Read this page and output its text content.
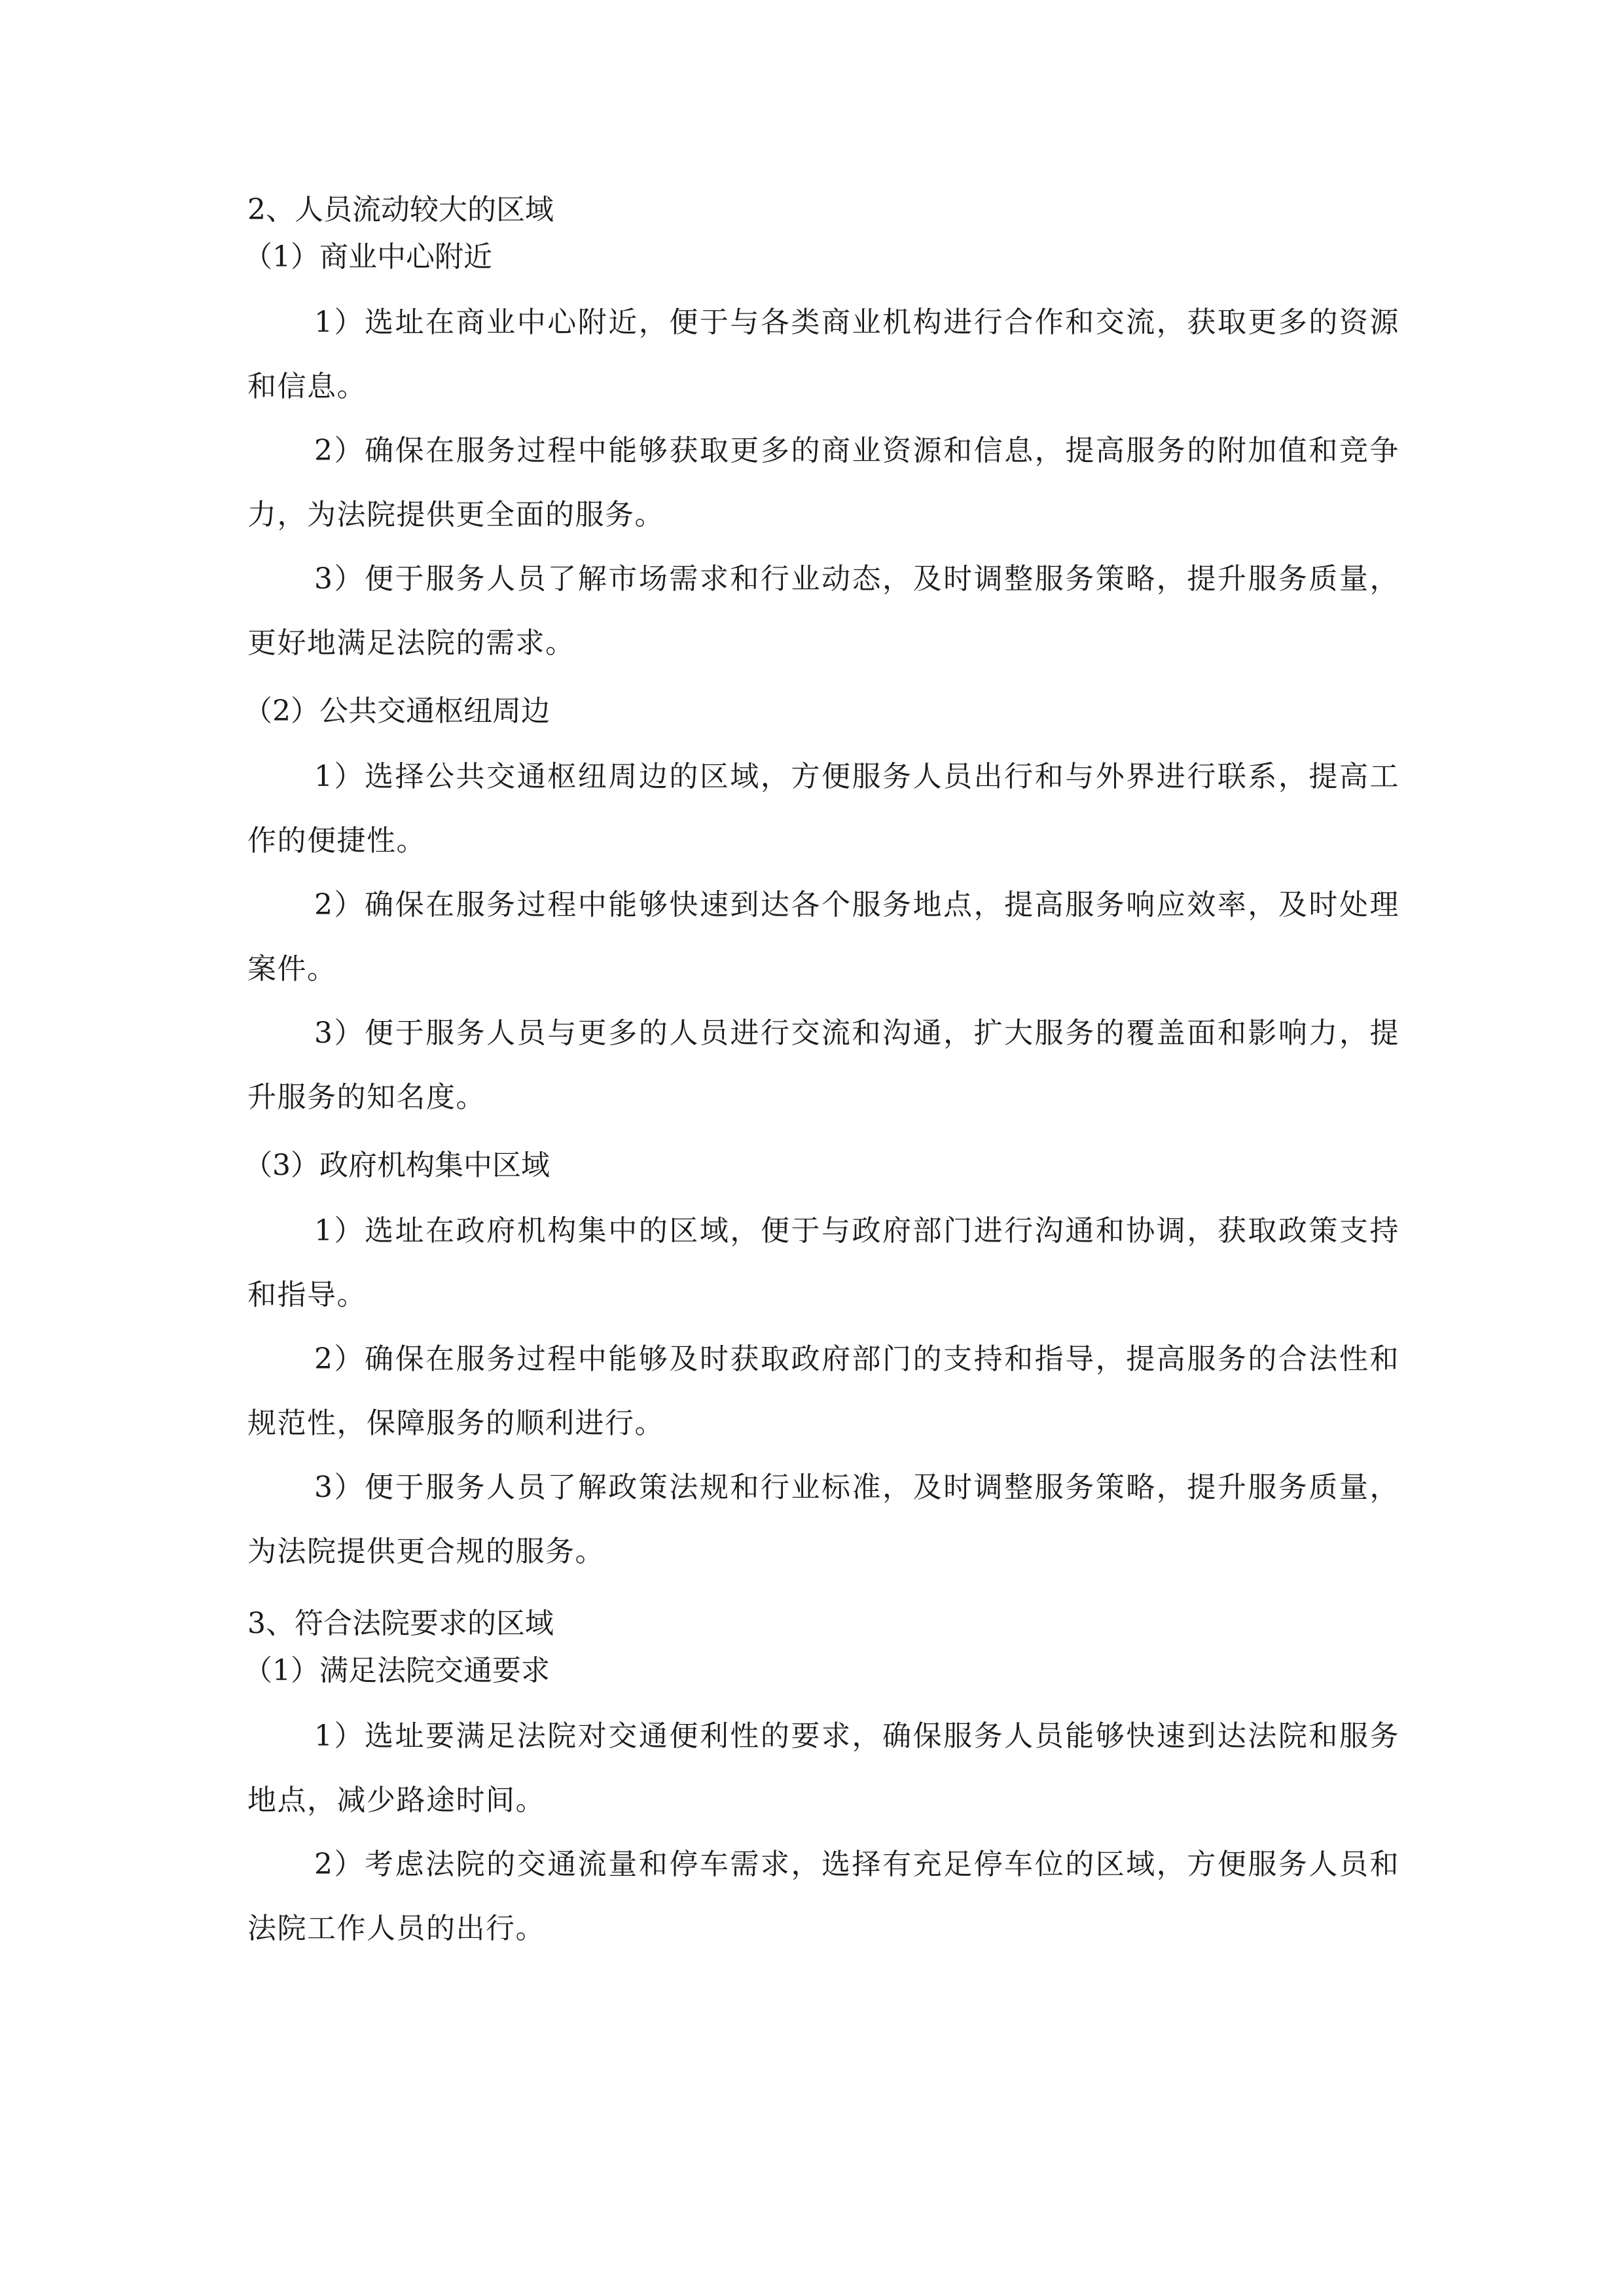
2、人员流动较大的区域
（1）商业中心附近

1）选址在商业中心附近，便于与各类商业机构进行合作和交流，获取更多的资源和信息。

2）确保在服务过程中能够获取更多的商业资源和信息，提高服务的附加值和竞争力，为法院提供更全面的服务。

3）便于服务人员了解市场需求和行业动态，及时调整服务策略，提升服务质量，更好地满足法院的需求。

（2）公共交通枢纽周边

1）选择公共交通枢纽周边的区域，方便服务人员出行和与外界进行联系，提高工作的便捷性。

2）确保在服务过程中能够快速到达各个服务地点，提高服务响应效率，及时处理案件。

3）便于服务人员与更多的人员进行交流和沟通，扩大服务的覆盖面和影响力，提升服务的知名度。

（3）政府机构集中区域

1）选址在政府机构集中的区域，便于与政府部门进行沟通和协调，获取政策支持和指导。

2）确保在服务过程中能够及时获取政府部门的支持和指导，提高服务的合法性和规范性，保障服务的顺利进行。

3）便于服务人员了解政策法规和行业标准，及时调整服务策略，提升服务质量，为法院提供更合规的服务。

3、符合法院要求的区域
（1）满足法院交通要求

1）选址要满足法院对交通便利性的要求，确保服务人员能够快速到达法院和服务地点，减少路途时间。

2）考虑法院的交通流量和停车需求，选择有充足停车位的区域，方便服务人员和法院工作人员的出行。
